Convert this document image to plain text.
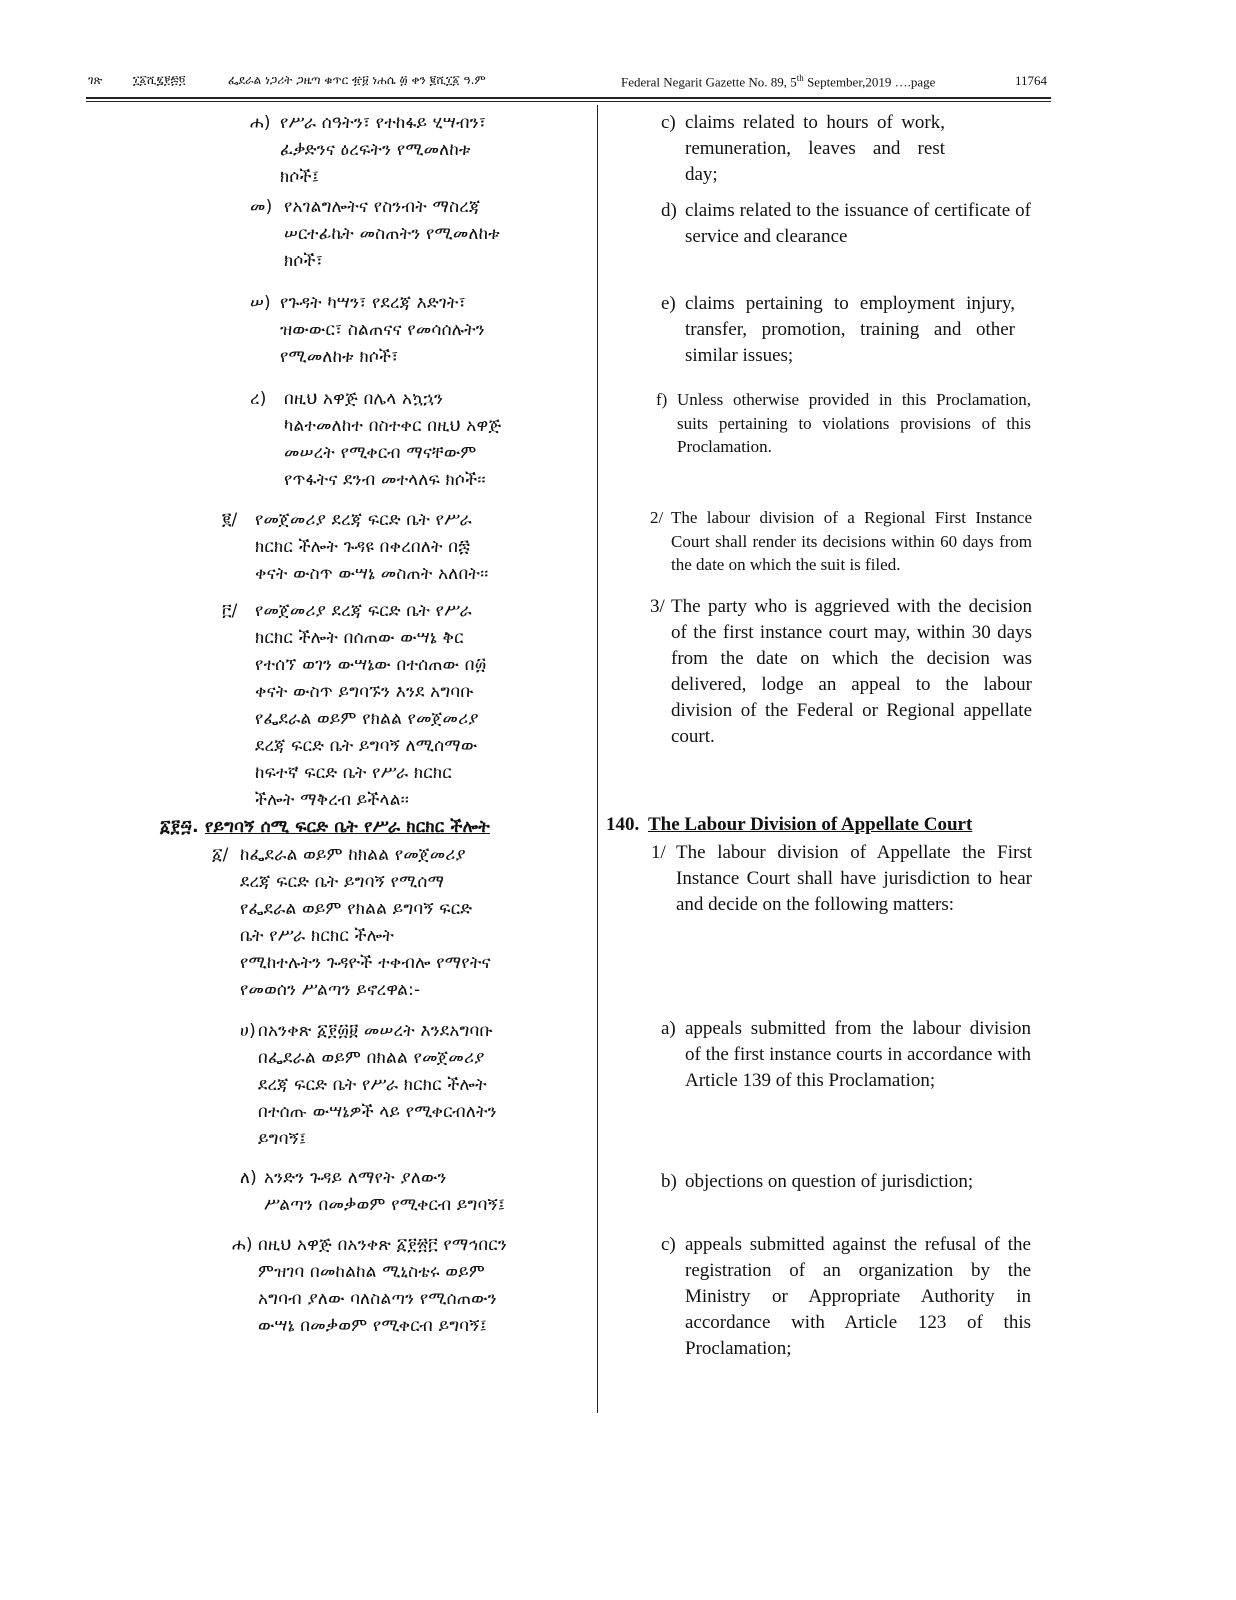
ገጽ	፲፩ሺ፯፻፷፬	ፌደራል ነጋሪት ጋዜጣ ቁጥር ፹፱ ነሐሴ ፴ ቀን ፪ሺ፲፩ ዓ.ም	Federal Negarit Gazette No. 89, 5th September,2019 ….page	11764
ሐ) የሥራ ሰዓትን፣ የተከፋይ ሂሣብን፣
ፈቃድንና ዕረፍትን የሚመለከቱ
ክሶች፤
መ) የአገልግሎትና የስንብት ማስረጃ
ሠርተፊኬት መስጠትን የሚመለከቱ
ክሶች፣
ሠ) የጉዳት ካሣን፣ የደረጃ እድገት፣
ዝውውር፣ ስልጠናና የመሳሰሉትን
የሚመለከቱ ክሶች፣
ረ) በዚህ አዋጅ በሌላ አኳኋን
ካልተመለከተ በስተቀር በዚህ አዋጅ
መሠረት የሚቀርብ ማናቸውም
የጥፋትና ደንብ መተላለፍ ክሶች፡፡
፪/ የመጀመሪያ ደረጃ ፍርድ ቤት የሥራ
ክርክር ችሎት ጉዳዩ በቀረበለት በ፷
ቀናት ውስጥ ውሣኔ መስጠት አለበት፡፡
፫/ የመጀመሪያ ደረጃ ፍርድ ቤት የሥራ
ክርክር ችሎት በሰጠው ውሣኔ ቅር
የተሰኘ ወገን ውሣኔው በተሰጠው በ፴
ቀናት ውስጥ ይግባኙን እንደ አግባቡ
የፌደራል ወይም የክልል የመጀመሪያ
ደረጃ ፍርድ ቤት ይግባኝ ለሚሰማው
ከፍተኛ ፍርድ ቤት የሥራ ክርክር
ችሎት ማቅረብ ይችላል፡፡
፩፻፵. የይግባኝ ሰሚ ፍርድ ቤት የሥራ ክርክር ችሎት
፩/ ከፌደራል ወይም ከክልል የመጀመሪያ
ደረጃ ፍርድ ቤት ይግባኝ የሚሰማ
የፌደራል ወይም የክልል ይግባኝ ፍርድ
ቤት የሥራ ክርክር ችሎት
የሚከተሉትን ጉዳዮች ተቀብሎ የማየትና
የመወሰን ሥልጣን ይኖረዋል:-
ሀ) በአንቀጽ ፩፻፴፱ መሠረት እንደአግባቡ
በፌደራል ወይም በክልል የመጀመሪያ
ደረጃ ፍርድ ቤት የሥራ ክርክር ችሎት
በተሰጡ ውሣኔዎች ላይ የሚቀርብለትን
ይግባኝ፤
ለ) አንድን ጉዳይ ለማየት ያለውን
ሥልጣን በመቃወም የሚቀርብ ይግባኝ፤
ሐ) በዚህ አዋጅ በአንቀጽ ፩፻፳፫ የማኅበርን
ምዝገባ በመከልከል ሚኒስቴሩ ወይም
አግባብ ያለው ባለስልጣን የሚሰጠውን
ውሣኔ በመቃወም የሚቀርብ ይግባኝ፤
c) claims related to hours of work, remuneration, leaves and rest day;
d) claims related to the issuance of certificate of service and clearance
e) claims pertaining to employment injury, transfer, promotion, training and other similar issues;
f) Unless otherwise provided in this Proclamation, suits pertaining to violations provisions of this Proclamation.
2/ The labour division of a Regional First Instance Court shall render its decisions within 60 days from the date on which the suit is filed.
3/ The party who is aggrieved with the decision of the first instance court may, within 30 days from the date on which the decision was delivered, lodge an appeal to the labour division of the Federal or Regional appellate court.
140. The Labour Division of Appellate Court
1/ The labour division of Appellate the First Instance Court shall have jurisdiction to hear and decide on the following matters:
a) appeals submitted from the labour division of the first instance courts in accordance with Article 139 of this Proclamation;
b) objections on question of jurisdiction;
c) appeals submitted against the refusal of the registration of an organization by the Ministry or Appropriate Authority in accordance with Article 123 of this Proclamation;
